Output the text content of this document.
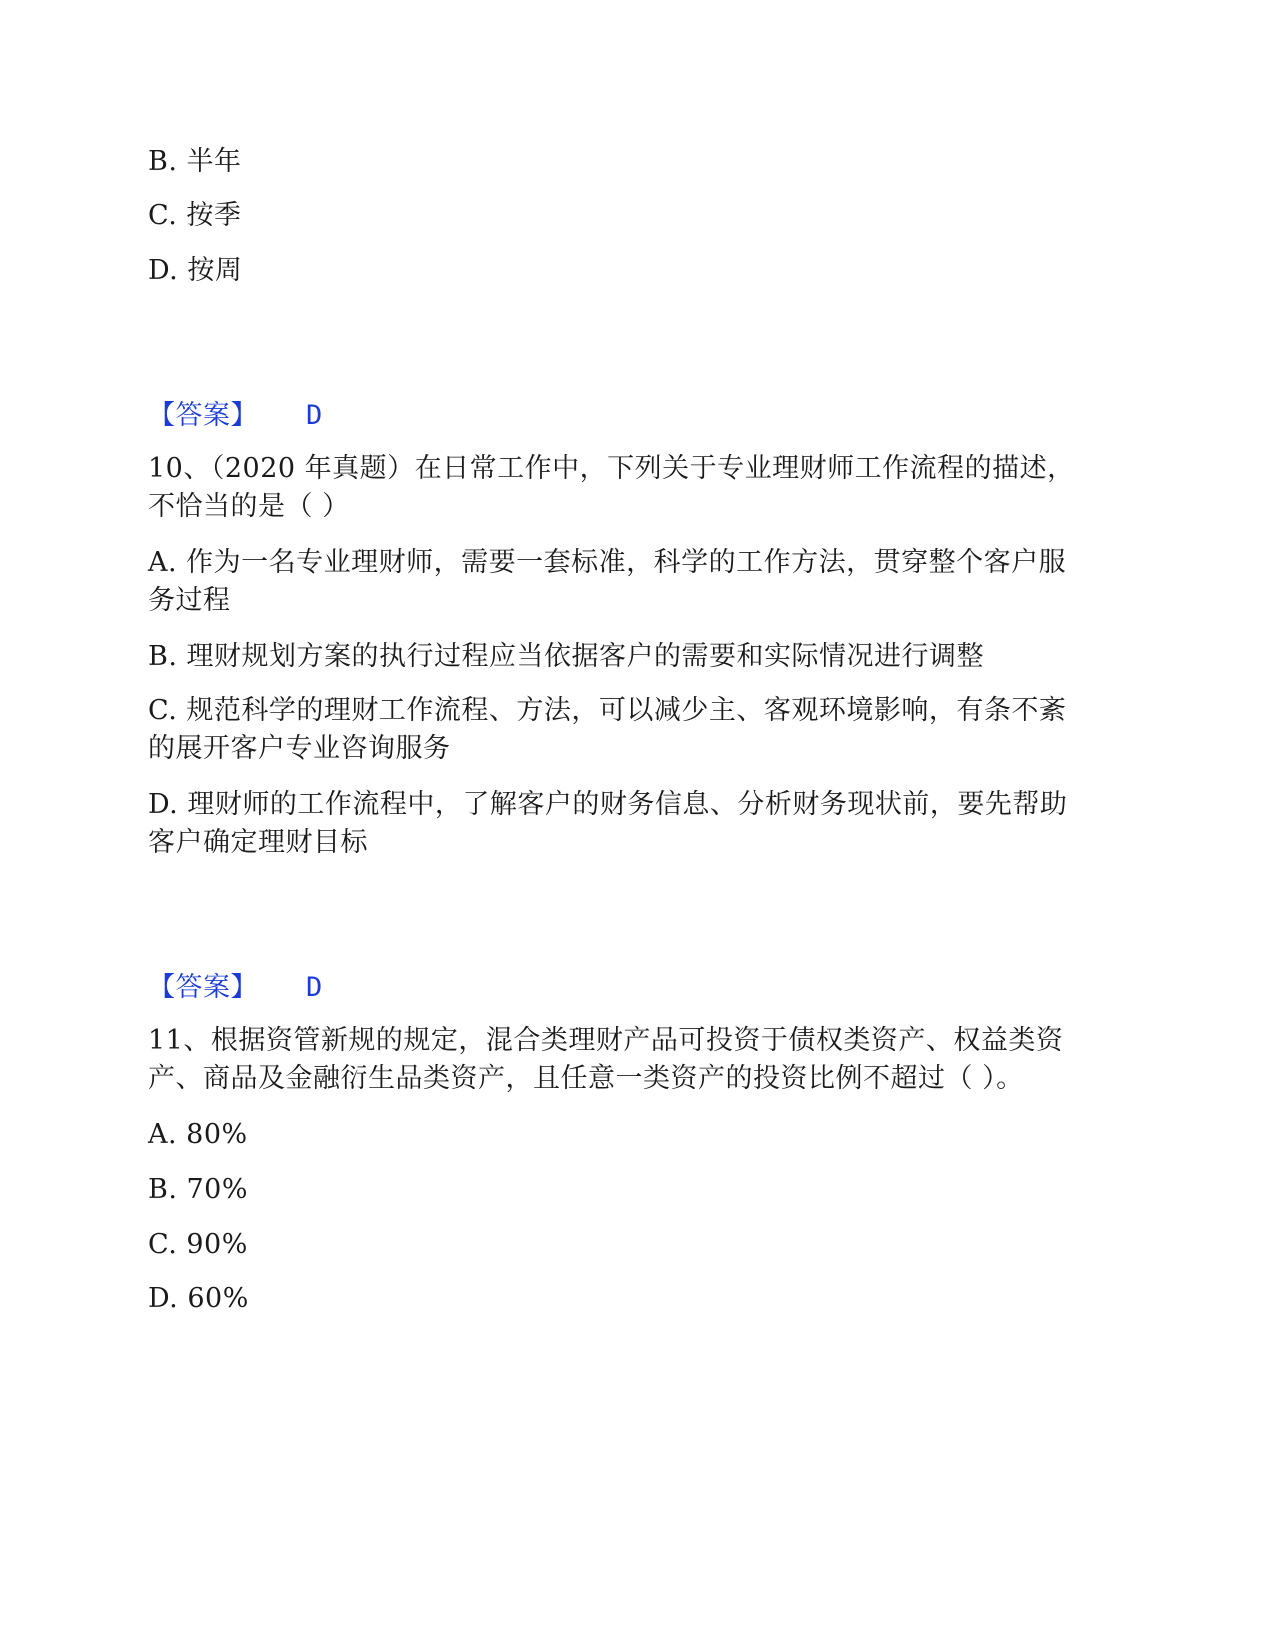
B. 半年
C. 按季
D. 按周
【答案】 D
10、（2020 年真题）在日常工作中，下列关于专业理财师工作流程的描述，
不恰当的是（ ）
A. 作为一名专业理财师，需要一套标准，科学的工作方法，贯穿整个客户服
务过程
B. 理财规划方案的执行过程应当依据客户的需要和实际情况进行调整
C. 规范科学的理财工作流程、方法，可以减少主、客观环境影响，有条不紊
的展开客户专业咨询服务
D. 理财师的工作流程中，了解客户的财务信息、分析财务现状前，要先帮助
客户确定理财目标
【答案】 D
11、根据资管新规的规定，混合类理财产品可投资于债权类资产、权益类资
产、商品及金融衍生品类资产，且任意一类资产的投资比例不超过（ ）。
A. 80%
B. 70%
C. 90%
D. 60%
